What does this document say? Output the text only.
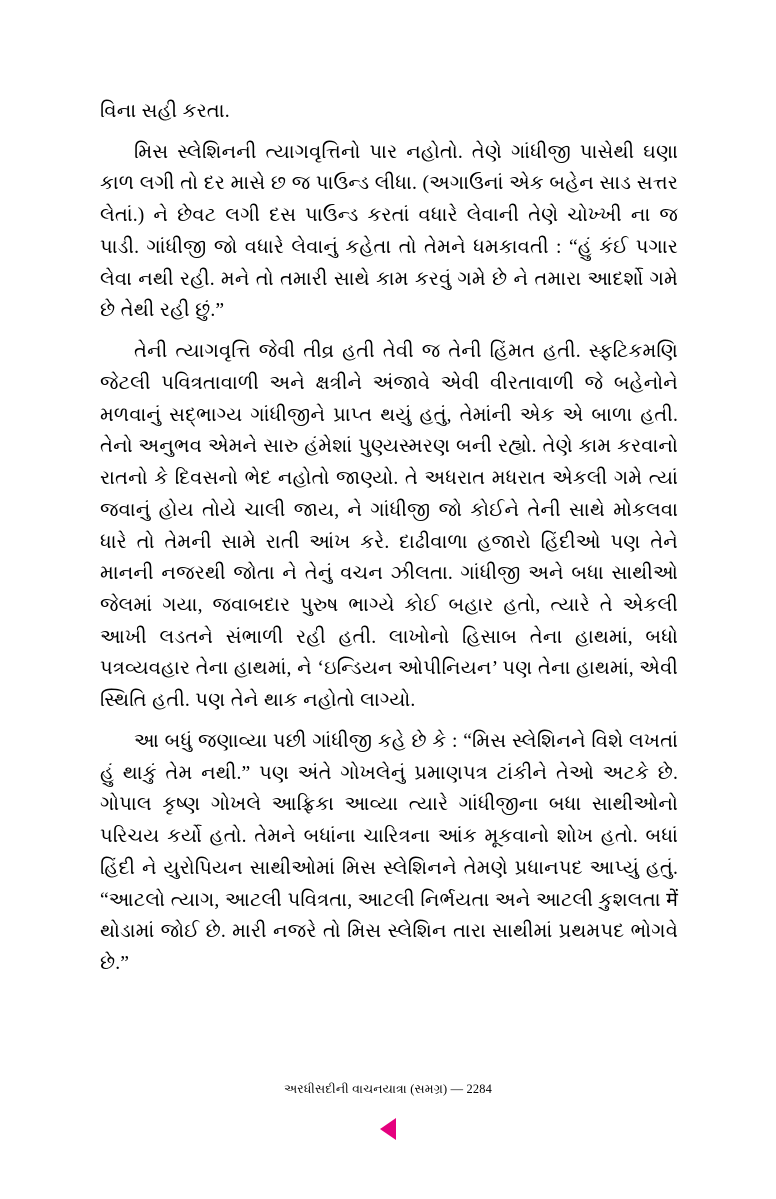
વિના સહી કરતા.

મિસ સ્લેશિનની ત્યાગવૃત્તિનો પાર નહોતો. તેણે ગાંધીજી પાસેથી ઘણા કાળ લગી તો દર માસે છ જ પાઉન્ડ લીધા. (અગાઉનાં એક બહેન સાડ સત્તર લેતાં.) ને છેવટ લગી દસ પાઉન્ડ કરતાં વધારે લેવાની તેણે ચોખ્ખી ના જ પાડી. ગાંધીજી જો વધારે લેવાનું કહેતા તો તેમને ધમકાવતી : “હું કંઈ પગાર લેવા નથી રહી. મને તો તમારી સાથે કામ કરવું ગમે છે ને તમારા આદર્શો ગમે છે તેથી રહી છું.”

તેની ત્યાગવૃત્તિ જેવી તીવ્ર હતી તેવી જ તેની હિંમત હતી. સ્ફટિકમણિ જેટલી પવિત્રતાવાળી અને ક્ષત્રીને અંજાવે એવી વીરતાવાળી જે બહેનોને મળવાનું સદ્‌ભાગ્ય ગાંધીજીને પ્રાપ્ત થયું હતું, તેમાંની એક એ બાળા હતી. તેનો અનુભવ એમને સારુ હંમેશાં પુણ્યસ્મરણ બની રહ્યો. તેણે કામ કરવાનો રાતનો કે દિવસનો ભેદ નહોતો જાણ્યો. તે અધરાત મધરાત એકલી ગમે ત્યાં જવાનું હોય તોયે ચાલી જાય, ને ગાંધીજી જો કોઈને તેની સાથે મોકલવા ધારે તો તેમની સામે રાતી આંખ કરે. દાઢીવાળા હજારો હિંદીઓ પણ તેને માનની નજરથી જોતા ને તેનું વચન ઝીલતા. ગાંધીજી અને બધા સાથીઓ જેલમાં ગયા, જવાબદાર પુરુષ ભાગ્યે કોઈ બહાર હતો, ત્યારે તે એકલી આખી લડતને સંભાળી રહી હતી. લાખોનો હિસાબ તેના હાથમાં, બધો પત્રવ્યવહાર તેના હાથમાં, ને ‘ઇન્ડિયન ઓપીનિયન’ પણ તેના હાથમાં, એવી સ્થિતિ હતી. પણ તેને થાક નહોતો લાગ્યો.

આ બધું જણાવ્યા પછી ગાંધીજી કહે છે કે : “મિસ સ્લેશિનને વિશે લખતાં હું થાકું તેમ નથી.” પણ અંતે ગોખલેનું પ્રમાણપત્ર ટાંકીને તેઓ અટકે છે. ગોપાલ કૃષ્ણ ગોખલે આફ્રિકા આવ્યા ત્યારે ગાંધીજીના બધા સાથીઓનો પરિચય કર્યો હતો. તેમને બધાંના ચારિત્રના આંક મૂકવાનો શોખ હતો. બધાં હિંદી ને યુરોપિયન સાથીઓમાં મિસ સ્લેશિનને તેમણે પ્રધાનપદ આપ્યું હતું. “આટલો ત્યાગ, આટલી પવિત્રતા, આટલી નિર્ભયતા અને આટલી કુશલતા में થોડામાં જોઈ છે. મારી નજરે તો મિસ સ્લેશિન તારા સાથીમાં પ્રથમપદ ભોગવે છે.”

અરધીસદીની વાચનયાત્રા (સમગ્ર) — 2284
